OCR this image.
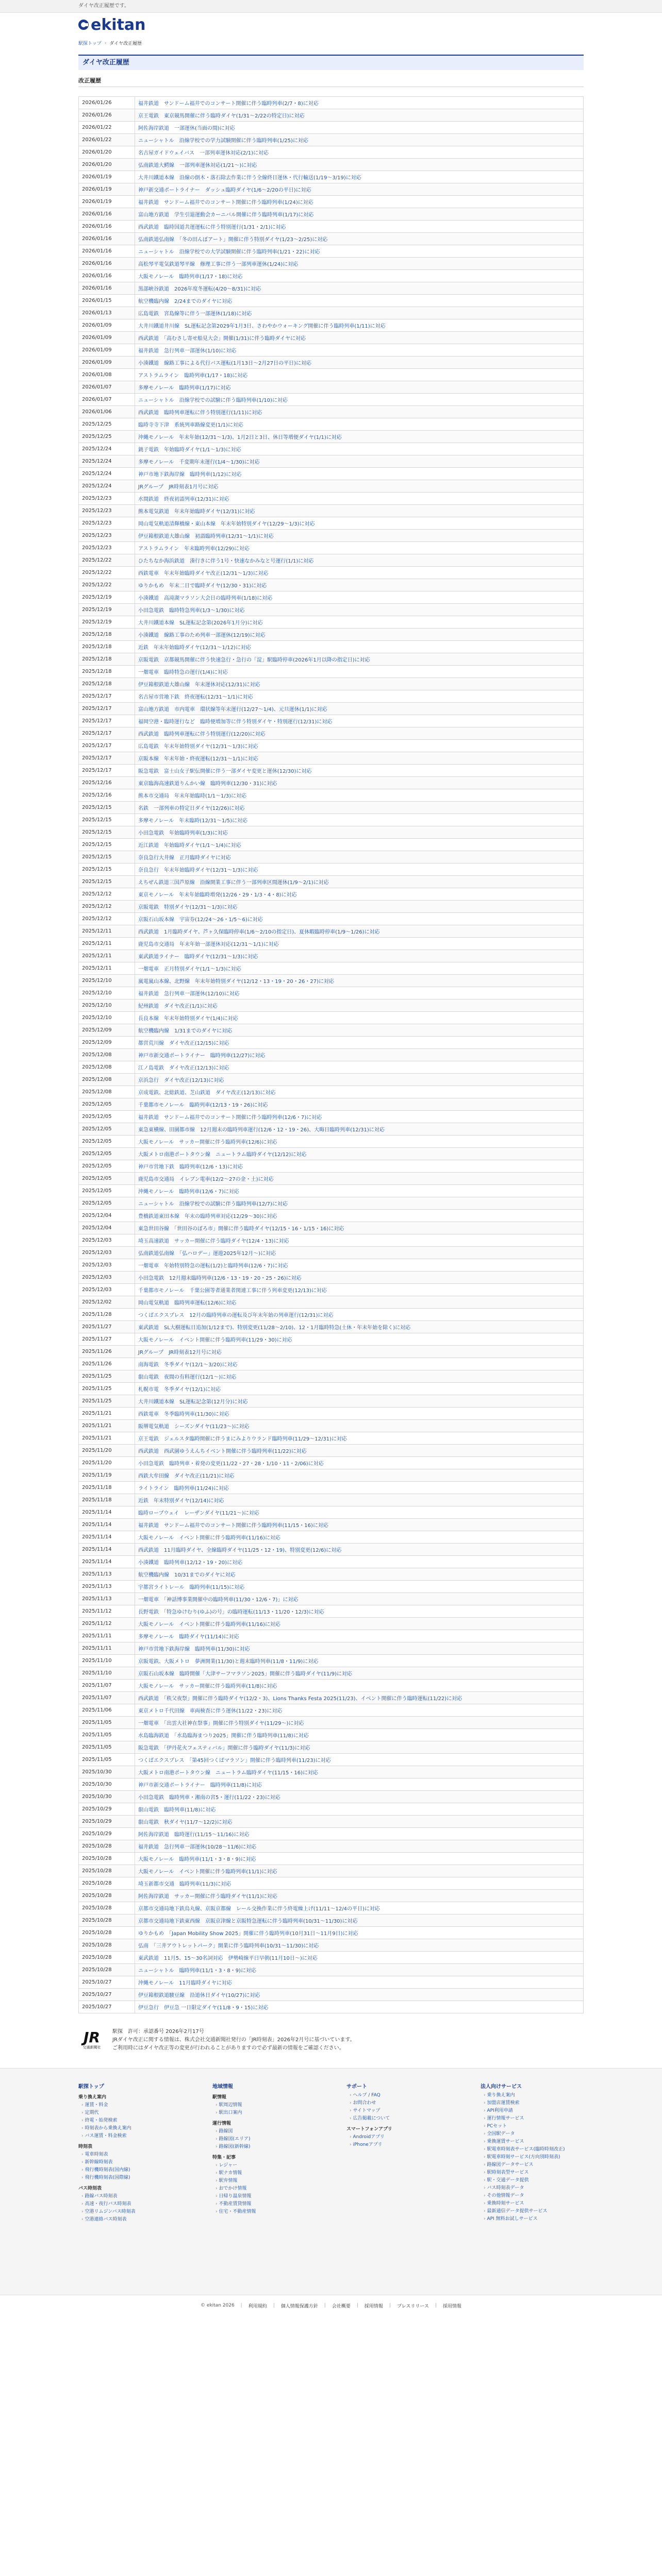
ダイヤ改正履歴です。
ekitan
駅探トップ › ダイヤ改正履歴
ダイヤ改正履歴
改正履歴
2026/01/26	福井鉄道　サンドーム福井でのコンサート開催に伴う臨時列車(2/7・8)に対応
2026/01/26	京王電鉄　東京競馬開催に伴う臨時ダイヤ(1/31〜2/22の特定日)に対応
2026/01/22	阿佐海岸鉄道　一部運休(当面の間)に対応
2026/01/22	ニューシャトル　沿線学校での学力試験開催に伴う臨時列車(1/25)に対応
2026/01/20	名古屋ガイドウェイバス　一部列車運休対応(2/1)に対応
2026/01/20	弘南鉄道大鰐線　一部列車運休対応(1/21〜)に対応
2026/01/19	大井川鐵道本線　沿線の倒木・落石除去作業に伴う全線終日運休・代行輸送(1/19〜3/19)に対応
2026/01/19	神戸新交通ポートライナー　ダッシュ臨時ダイヤ(1/6〜2/20の平日)に対応
2026/01/19	福井鉄道　サンドーム福井でのコンサート開催に伴う臨時列車(1/24)に対応
2026/01/16	富山地方鉄道　学生引退運動会カーニバル開催に伴う臨時列車(1/17)に対応
2026/01/16	西武鉄道　臨時国道共運運転に伴う特別運行(1/31・2/1)に対応
2026/01/16	弘南鉄道弘南線　「冬の田んぼアート」開催に伴う特別ダイヤ(1/23〜2/25)に対応
2026/01/16	ニューシャトル　沿線学校での大学試験開催に伴う臨時列車(1/21・22)に対応
2026/01/16	高松琴平電気鉄道琴平線　修理工事に伴う一部列車運休(1/24)に対応
2026/01/16	大阪モノレール　臨時列車(1/17・18)に対応
2026/01/16	黒部峡谷鉄道　2026年度冬運転(4/20〜8/31)に対応
2026/01/15	航空機臨内線　2/24までのダイヤに対応
2026/01/13	広島電鉄　宮島線等に伴う一部運休(1/18)に対応
2026/01/09	大井川鐵道井川線　SL運転記念第2029年1月3日、さわやかウォーキング開催に伴う臨時列車(1/11)に対応
2026/01/09	西武鉄道　「高むさし寄せ船見大会」開催(1/31)に伴う臨時ダイヤに対応
2026/01/09	福井鉄道　急行列車一部運休(1/10)に対応
2026/01/09	小湊鐵道　線路工事による代行バス運転(1月13日〜2月27日の平日)に対応
2026/01/08	アストラムライン　臨時列車(1/17・18)に対応
2026/01/07	多摩モノレール　臨時列車(1/17)に対応
2026/01/07	ニューシャトル　沿線学校での試験に伴う臨時列車(1/10)に対応
2026/01/06	西武鉄道　臨時列車運転に伴う特別運行(1/11)に対応
2025/12/25	臨時寺寺下津　系統列車路線変更(1/1)に対応
2025/12/25	沖縄モノレール　年末年始(12/31〜1/3)、1月2日と3日、休日等増便ダイヤ(1/1)に対応
2025/12/24	銚子電鉄　年始臨時ダイヤ(1/1〜1/3)に対応
2025/12/24	多摩モノレール　千変期年末運行(1/4〜1/30)に対応
2025/12/24	神戸市地下鉄海岸線　臨時列車(1/12)に対応
2025/12/24	JRグループ　JR時刻表1月号に対応
2025/12/23	水間鉄道　終夜初詣列車(12/31)に対応
2025/12/23	熊本電気鉄道　年末年始臨時ダイヤ(12/31)に対応
2025/12/23	岡山電気軌道清輝橋線・東山本線　年末年始特別ダイヤ(12/29〜1/3)に対応
2025/12/23	伊豆箱根鉄道大雄山線　初詣臨時列車(12/31〜1/1)に対応
2025/12/23	アストラムライン　年末臨時列車(12/29)に対応
2025/12/22	ひたちなか海浜鉄道　湊行きに伴う1号・快速なかみなと号運行(1/1)に対応
2025/12/22	西鉄電車　年末年始臨時ダイヤ改正(12/31〜1/3)に対応
2025/12/22	ゆりかもめ　年末二日で臨時ダイヤ(12/30・31)に対応
2025/12/19	小湊鐵道　高滝湖マラソン大会日の臨時列車(1/18)に対応
2025/12/19	小田急電鉄　臨時特急列車(1/3〜1/30)に対応
2025/12/19	大井川鐵道本線　SL運転記念第(2026年1月分)に対応
2025/12/18	小湊鐵道　線路工事のため列車一部運休(12/19)に対応
2025/12/18	近鉄　年末年始臨時ダイヤ(12/31〜1/12)に対応
2025/12/18	京阪電鉄　京都競馬開催に伴う快速急行・急行の「淀」駅臨時停車(2026年1月以降の指定日)に対応
2025/12/18	一畑電車　臨時特急の運行(1/4)に対応
2025/12/18	伊豆箱根鉄道大雄山線　年末運休対応(12/31)に対応
2025/12/17	名古屋市営地下鉄　終夜運転(12/31〜1/1)に対応
2025/12/17	富山地方鉄道　市内電車　環状線等年末運行(12/27〜1/4)、元旦運休(1/1)に対応
2025/12/17	福岡空港・臨時運行など　臨時便増加等に伴う特別ダイヤ・特別運行(12/31)に対応
2025/12/17	西武鉄道　臨時列車運転に伴う特別運行(12/20)に対応
2025/12/17	広島電鉄　年末年始特別ダイヤ(12/31〜1/3)に対応
2025/12/17	京阪本線　年末年始・終夜運転(12/31〜1/1)に対応
2025/12/17	阪急電鉄　富士山女子駅伝開催に伴う一部ダイヤ変更と運休(12/30)に対応
2025/12/16	東京臨海高速鉄道りんかい線　臨時列車(12/30・31)に対応
2025/12/16	熊本市交通局　年末年始臨時(1/1〜1/3)に対応
2025/12/15	名鉄　一部列車の特定日ダイヤ(12/26)に対応
2025/12/15	多摩モノレール　年末臨時(12/31〜1/5)に対応
2025/12/15	小田急電鉄　年始臨時列車(1/3)に対応
2025/12/15	近江鉄道　年始臨時ダイヤ(1/1〜1/4)に対応
2025/12/15	奈良急行大井線　正月臨時ダイヤに対応
2025/12/15	奈良急行　年末年始臨時ダイヤ(12/31〜1/3)に対応
2025/12/15	えちぜん鉄道三国芦原線　沿線開業工事に伴う一部列車区間運休(1/9〜2/1)に対応
2025/12/12	東京モノレール　年末年始臨時増発(12/26・29・1/3・4・8)に対応
2025/12/12	京阪電鉄　特別ダイヤ(12/31〜1/3)に対応
2025/12/12	京阪石山坂本線　宇宙券(12/24〜26・1/5〜6)に対応
2025/12/11	西武鉄道　1月臨時ダイヤ、芦ヶ久保臨時停車(1/6〜2/10の指定日)、夏休暇臨時停車(1/9〜1/26)に対応
2025/12/11	鹿児島市交通局　年末年始一部運休対応(12/31〜1/1)に対応
2025/12/11	東武鉄道ライナー　臨時ダイヤ(12/31〜1/3)に対応
2025/12/11	一畑電車　正月特別ダイヤ(1/1〜1/3)に対応
2025/12/10	嵐電嵐山本線、北野線　年末年始特別ダイヤ(12/12・13・19・20・26・27)に対応
2025/12/10	福井鉄道　急行列車一部運休(12/10)に対応
2025/12/10	紀州鉄道　ダイヤ改正(1/1)に対応
2025/12/10	長良本線　年末年始特別ダイヤ(1/4)に対応
2025/12/09	航空機臨内線　1/31までのダイヤに対応
2025/12/09	都営荒川線　ダイヤ改正(12/15)に対応
2025/12/08	神戸市新交通ポートライナー　臨時列車(12/27)に対応
2025/12/08	江ノ島電鉄　ダイヤ改正(12/13)に対応
2025/12/08	京浜急行　ダイヤ改正(12/13)に対応
2025/12/08	京成電鉄、北総鉄道、芝山鉄道　ダイヤ改正(12/13)に対応
2025/12/05	千葉都市モノレール　臨時列車(12/13・19・26)に対応
2025/12/05	福井鉄道　サンドーム福井でのコンサート開催に伴う臨時列車(12/6・7)に対応
2025/12/05	東急東横線、田園都市線　12月週末の臨時列車運行(12/6・12・19・26)、大晦日臨時列車(12/31)に対応
2025/12/05	大阪モノレール　サッカー開催に伴う臨時列車(12/6)に対応
2025/12/05	大阪メトロ南港ポートタウン線　ニュートラム臨時ダイヤ(12/12)に対応
2025/12/05	神戸市営地下鉄　臨時列車(12/6・13)に対応
2025/12/05	鹿児島市交通局　イレブン電車(12/2〜27の金・土)に対応
2025/12/05	沖縄モノレール　臨時列車(12/6・7)に対応
2025/12/05	ニューシャトル　沿線学校での試験に伴う臨時列車(12/7)に対応
2025/12/04	豊橋鉄道東田本線　年末の臨時列車対応(12/29〜30)に対応
2025/12/04	東急世田谷線　「世田谷のぼろ市」開催に伴う臨時ダイヤ(12/15・16・1/15・16)に対応
2025/12/03	埼玉高速鉄道　サッカー開催に伴う臨時ダイヤ(12/4・13)に対応
2025/12/03	弘南鉄道弘南線　「弘ハロデー」運遊2025年12月〜)に対応
2025/12/03	一畑電車　年始特別特急の運転(1/2)と臨時列車(12/6・7)に対応
2025/12/03	小田急電鉄　12月週末臨時列車(12/6・13・19・20・25・26)に対応
2025/12/03	千葉都市モノレール　千葉公園等者通業者関連工事に伴う列車変更(12/13)に対応
2025/12/02	岡山電気軌道　臨時列車運転(12/6)に対応
2025/11/28	つくばエクスプレス　12月の臨時列車の運転及び年末年始の列車運行(12/31)に対応
2025/11/27	東武鉄道　SL大樹運転日追加(1/12まで)、特別変更(11/28〜2/10)、12・1月臨時特急(土休・年末年始を除く)に対応
2025/11/27	大阪モノレール　イベント開催に伴う臨時列車(11/29・30)に対応
2025/11/26	JRグループ　JR時刻表12月号に対応
2025/11/26	南海電鉄　冬季ダイヤ(12/1〜3/20)に対応
2025/11/25	叡山電鉄　夜間の有料運行(12/1〜)に対応
2025/11/25	札幌市電　冬季ダイヤ(12/1)に対応
2025/11/25	大井川鐵道本線　SL運転記念第(12月分)に対応
2025/11/21	西鉄電車　冬季臨時列車(11/30)に対応
2025/11/21	阪堺電気軌道　シーズンダイヤ(11/23〜)に対応
2025/11/21	京王電鉄　ジェルスタ臨時開催に伴うまにみよりウランド臨時列車(11/29〜12/31)に対応
2025/11/20	西武鉄道　西武園ゆうえんちイベント開催に伴う臨時列車(11/22)に対応
2025/11/20	小田急電鉄　臨時列車・着発の変更(11/22・27・28・1/10・11・2/06)に対応
2025/11/19	西鉄大牟田線　ダイヤ改正(11/21)に対応
2025/11/18	ライトライン　臨時列車(11/24)に対応
2025/11/18	近鉄　年末特別ダイヤ(12/14)に対応
2025/11/14	臨時ロープウェイ　レーザンダイヤ(11/21〜)に対応
2025/11/14	福井鉄道　サンドーム福井でのコンサート開催に伴う臨時列車(11/15・16)に対応
2025/11/14	大阪モノレール　イベント開催に伴う臨時列車(11/16)に対応
2025/11/14	西武鉄道　11月臨時ダイヤ、全線臨時ダイヤ(11/25・12・19)、特別変更(12/6)に対応
2025/11/14	小湊鐵道　臨時列車(12/12・19・20)に対応
2025/11/13	航空機臨内線　10/31までのダイヤに対応
2025/11/13	宇都宮ライトレール　臨時列車(11/15)に対応
2025/11/13	一畑電車　「神話博事業開催中の臨時列車(11/30・12/6・7)」に対応
2025/11/12	長野電鉄　「特急ゆけむり(ゆふ)の号」の臨時運転(11/13・11/20・12/3)に対応
2025/11/12	大阪モノレール　イベント開催に伴う臨時列車(11/16)に対応
2025/11/11	多摩モノレール　臨時ダイヤ(11/14)に対応
2025/11/11	神戸市営地下鉄海岸線　臨時列車(11/30)に対応
2025/11/10	京阪電鉄、大阪メトロ　夢洲開業(11/30)と週末臨時列車(11/8・11/9)に対応
2025/11/10	京阪石山坂本線　臨時開催「大津サーフマラソン2025」開催に伴う臨時ダイヤ(11/9)に対応
2025/11/07	大阪モノレール　サッカー開催に伴う臨時列車(11/8)に対応
2025/11/07	西武鉄道　「秩父夜祭」開催に伴う臨時ダイヤ(12/2・3)、Lions Thanks Festa 2025(11/23)、イベント開催に伴う臨時運転(11/22)に対応
2025/11/06	東京メトロ千代田線　車両検査に伴う運休(11/22・23)に対応
2025/11/05	一畑電車　「出雲大社神在祭事」開催に伴う特別ダイヤ(11/29〜)に対応
2025/11/05	水島臨海鉄道　「水島臨海まつり2025」開催に伴う臨時列車(11/8)に対応
2025/11/05	阪急電鉄　「伊丹花火フェスティバル」開催に伴う臨時ダイヤ(11/3)に対応
2025/11/05	つくばエクスプレス　「第45回つくばマラソン」開催に伴う臨時列車(11/23)に対応
2025/10/30	大阪メトロ南港ポートタウン線　ニュートラム臨時ダイヤ(11/15・16)に対応
2025/10/30	神戸市新交通ポートライナー　臨時列車(11/8)に対応
2025/10/30	小田急電鉄　臨時列車・湘南の宮5・運行(11/22・23)に対応
2025/10/29	叡山電鉄　臨時列車(11/8)に対応
2025/10/29	叡山電鉄　秋ダイヤ(11/7〜12/2)に対応
2025/10/29	阿佐海岸鉄道　臨時運行(11/15〜11/16)に対応
2025/10/28	福井鉄道　急行列車一部運休(10/28〜11/6)に対応
2025/10/28	大阪モノレール　臨時列車(11/1・3・8・9)に対応
2025/10/28	大阪モノレール　イベント開催に伴う臨時列車(11/1)に対応
2025/10/28	埼玉新都市交通　臨時列車(11/3)に対応
2025/10/28	阿佐海岸鉄道　サッカー開催に伴う臨時ダイヤ(11/1)に対応
2025/10/28	京都市交通局地下鉄烏丸線、京阪京都線　レール交換作業に伴う終電繰上げ(11/11〜12/4の平日)に対応
2025/10/28	京都市交通局地下鉄東西線　京阪京津線と京阪特急運転に伴う臨時列車(10/31〜11/30)に対応
2025/10/28	ゆりかもめ　「Japan Mobility Show 2025」開催に伴う臨時列車(10月31日〜11月9日)に対応
2025/10/28	弘南　「三井アウトレットパーク」開業に伴う臨時列車(10/31〜11/30)に対応
2025/10/28	東武鉄道　11月5、15〜30名詞対応　伊勢崎線平日早朝(11月10日〜)に対応
2025/10/28	ニューシャトル　臨時列車(11/1・3・8・9)に対応
2025/10/27	沖縄モノレール　11月臨時ダイヤに対応
2025/10/27	伊豆箱根鉄道駿豆線　沿道休日ダイヤ(10/27)に対応
2025/10/27	伊豆急行　伊豆急 一日限定ダイヤ(11/8・9・15)に対応
JR
交通新聞社
駅探　許可：承認番号 2026年2月17号
JRダイヤ改正に関する情報は、株式会社交通新聞社発行の「JR時刻表」2026年2月号に基づいています。
ご利用時にはダイヤ改正等の変更が行われることがありますので必ず最新の情報をご確認ください。
駅探トップ
乗り換え案内
› 運賃・料金
› 定期代
› 終電・始発検索
› 時刻表から乗換え案内
› バス運賃・料金検索
時刻表
› 電車時刻表
› 新幹線時刻表
› 飛行機時刻表(国内線)
› 飛行機時刻表(国際線)
バス時刻表
› 路線バス時刻表
› 高速・夜行バス時刻表
› 空港リムジンバス時刻表
› 空港連絡バス時刻表
地域情報
駅情報
› 駅周辺情報
› 駅出口案内
運行情報
› 路線図
› 路線図(エリア)
› 路線図(新幹線)
特集・記事
› レジャー
› 駅ナカ情報
› 駅弁情報
› おでかけ情報
› 日帰り温泉情報
› 不動産賃貸情報
› 住宅・不動産情報
サポート
› ヘルプ / FAQ
› お問合わせ
› サイトマップ
› 広告掲載について
スマートフォンアプリ
› Androidアプリ
› iPhoneアプリ
法人向けサービス
› 乗り換え案内
› 加盟店運賃検索
› API利用申請
› 運行情報サービス
› PCセット
› 全国駅データ
› 乗換運賃サービス
› 駅電車時刻表サービス(臨時時刻改正)
› 駅電車時刻サービス(方向別時刻表)
› 路線図データサービス
› 駅時刻表型サービス
› 駅・交通データ提供
› バス時刻表データ
› その他情報データ
› 乗換時刻サービス
› 最新通信データ提供サービス
› API 無料お試しサービス
© ekitan 2026 | 利用規約 | 個人情報保護方針 | 会社概要 | 採用情報 | プレスリリース | 採用情報
